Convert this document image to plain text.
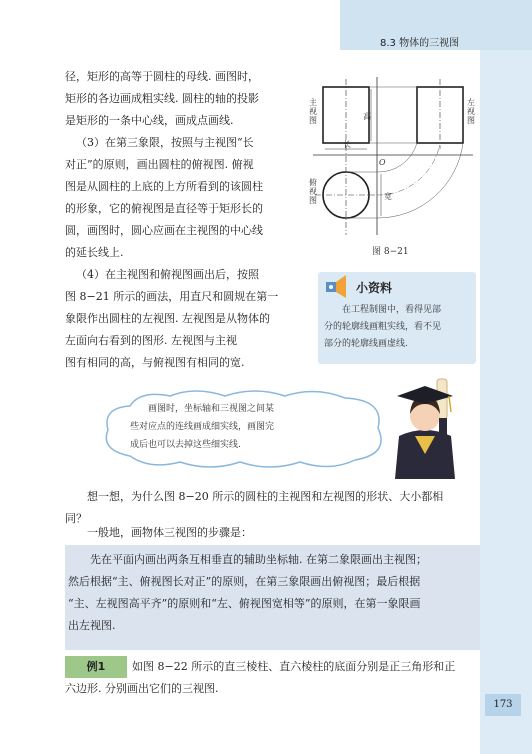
8.3 物体的三视图
径，矩形的高等于圆柱的母线. 画图时，
矩形的各边画成粗实线. 圆柱的轴的投影
是矩形的一条中心线，画成点画线.
（3）在第三象限，按照与主视图“长
对正”的原则，画出圆柱的俯视图. 俯视
图是从圆柱的上底的上方所看到的该圆柱
的形象，它的俯视图是直径等于矩形长的
圆，画图时，圆心应画在主视图的中心线
的延长线上.
（4）在主视图和俯视图画出后，按照
图 8−21 所示的画法，用直尺和圆规在第一
象限作出圆柱的左视图. 左视图是从物体的
左面向右看到的图形. 左视图与主视
图有相同的高，与俯视图有相同的宽.
主视图
左视图
俯视图
高
长
宽
O
图 8−21
小资料
在工程制图中，看得见部
分的轮廓线画粗实线，看不见
部分的轮廓线画虚线.
画图时，坐标轴和三视图之间某
些对应点的连线画成细实线，画图完
成后也可以去掉这些细实线.
想一想，为什么图 8−20 所示的圆柱的主视图和左视图的形状、大小都相
同？
一般地，画物体三视图的步骤是：
先在平面内画出两条互相垂直的辅助坐标轴. 在第二象限画出主视图；
然后根据“主、俯视图长对正”的原则，在第三象限画出俯视图；最后根据
“主、左视图高平齐”的原则和“左、俯视图宽相等”的原则，在第一象限画
出左视图.
例1	如图 8−22 所示的直三棱柱、直六棱柱的底面分别是正三角形和正
六边形. 分别画出它们的三视图.
173
